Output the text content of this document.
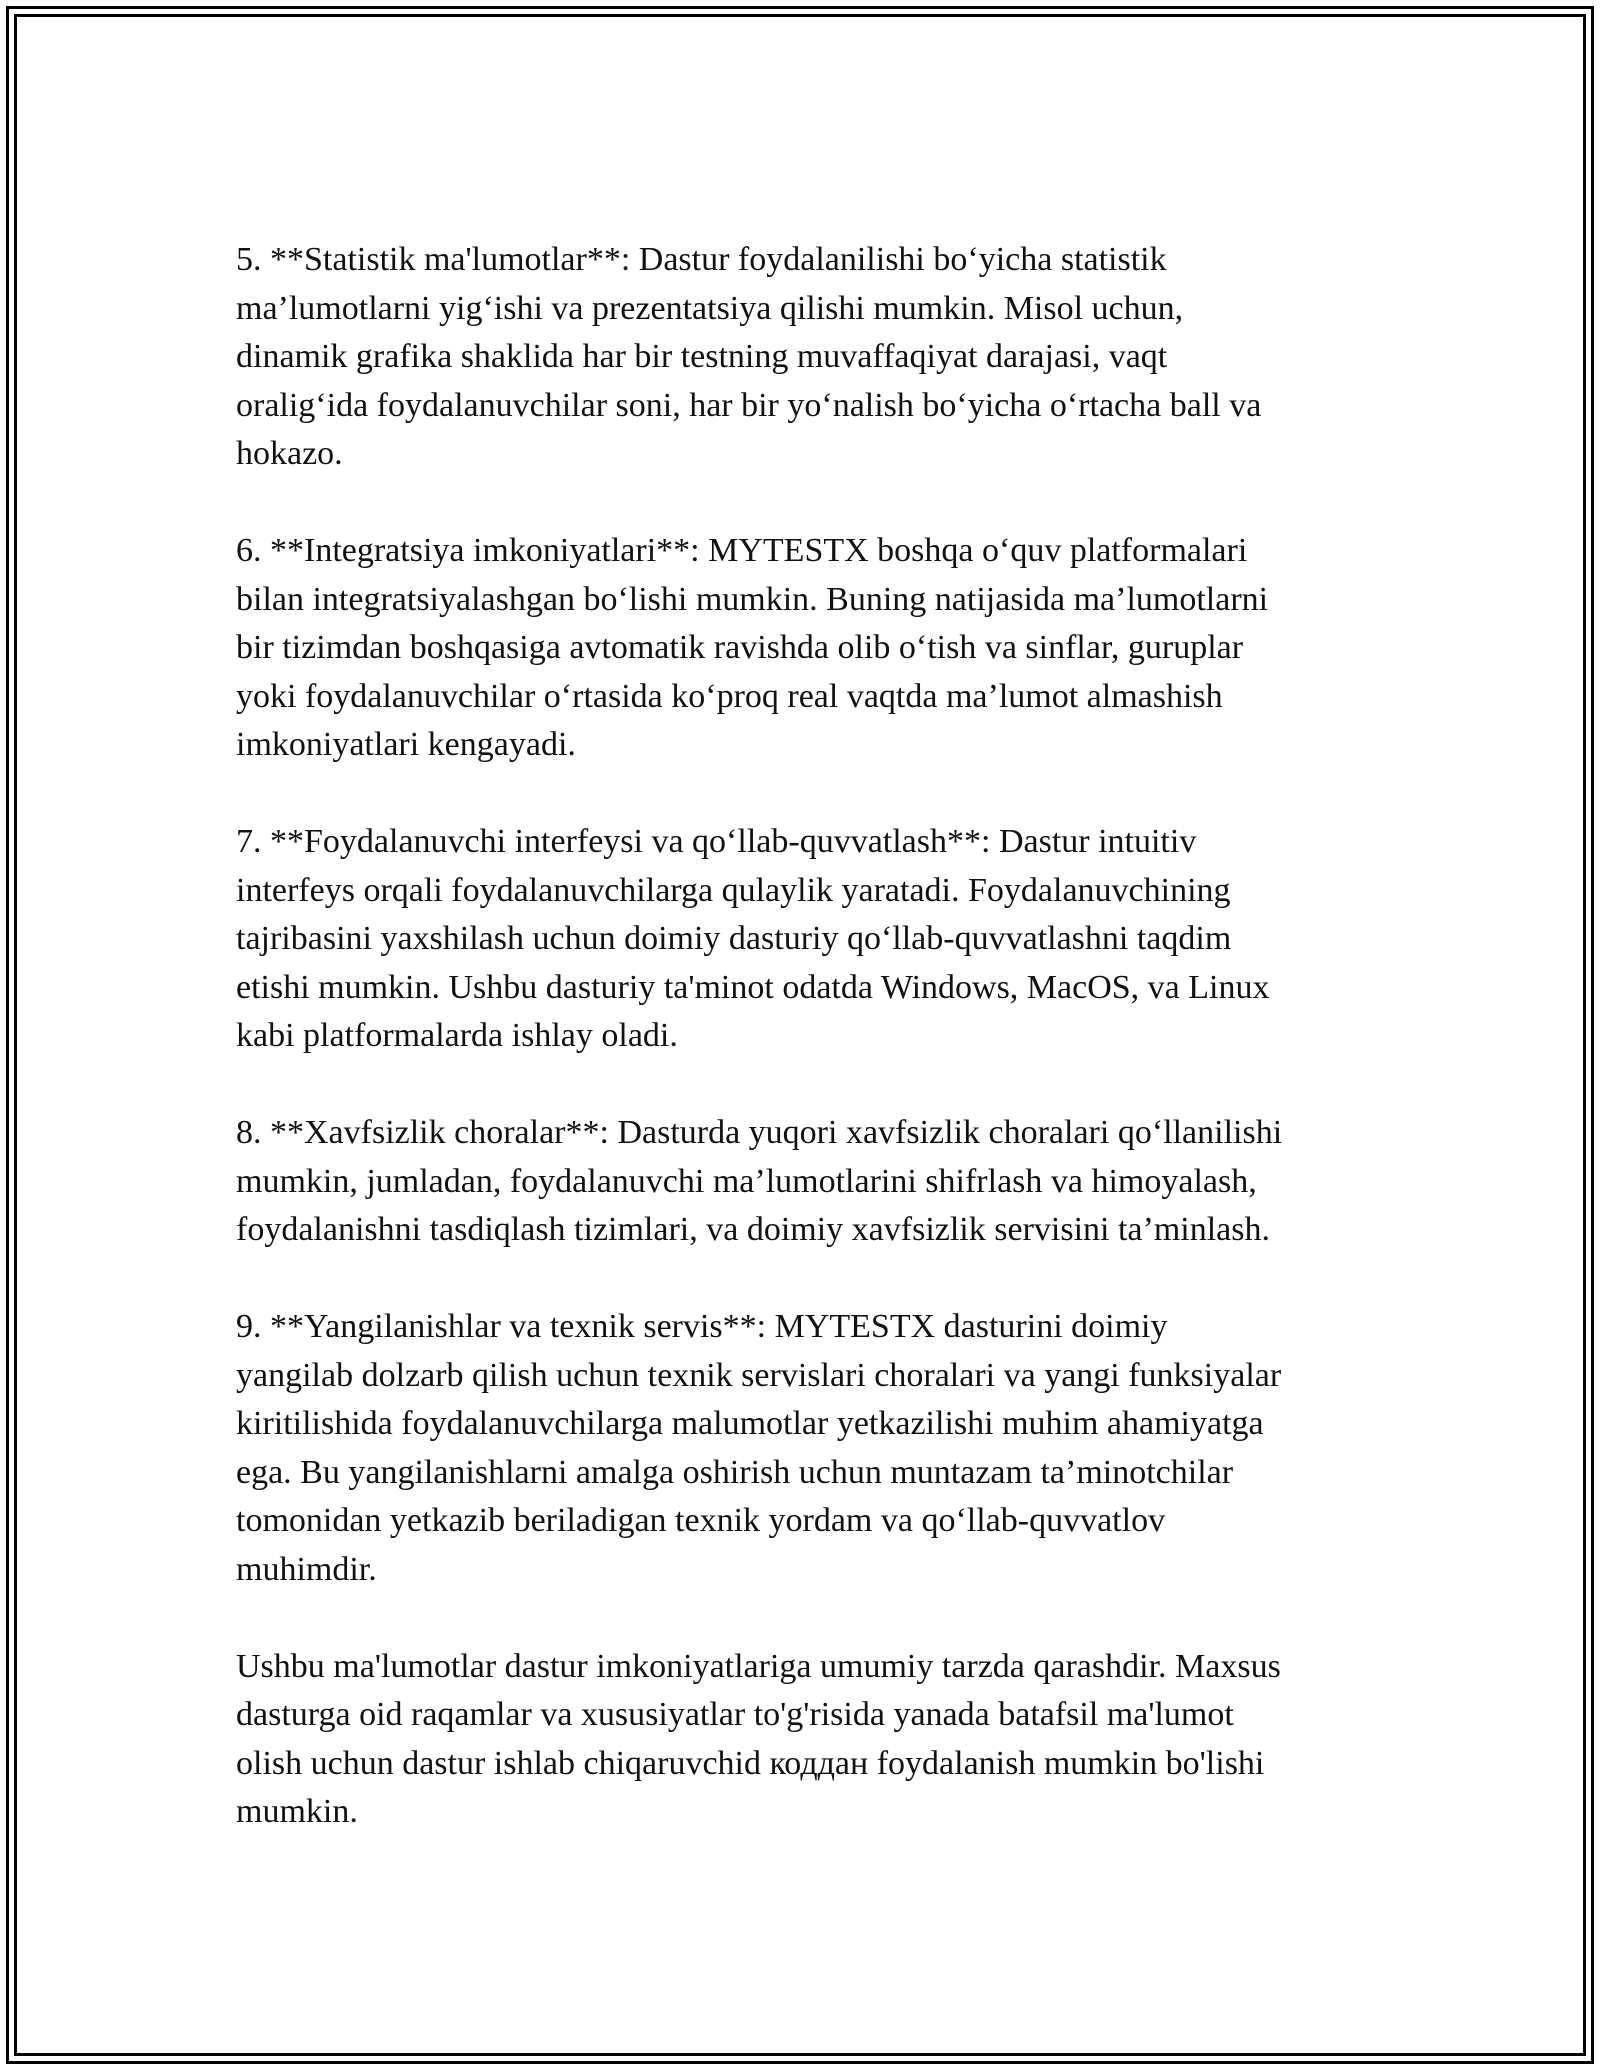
5. **Statistik ma'lumotlar**: Dastur foydalanilishi bo‘yicha statistik
ma’lumotlarni yig‘ishi va prezentatsiya qilishi mumkin. Misol uchun,
dinamik grafika shaklida har bir testning muvaffaqiyat darajasi, vaqt
oralig‘ida foydalanuvchilar soni, har bir yo‘nalish bo‘yicha o‘rtacha ball va
hokazo.

6. **Integratsiya imkoniyatlari**: MYTESTX boshqa o‘quv platformalari
bilan integratsiyalashgan bo‘lishi mumkin. Buning natijasida ma’lumotlarni
bir tizimdan boshqasiga avtomatik ravishda olib o‘tish va sinflar, guruplar
yoki foydalanuvchilar o‘rtasida ko‘proq real vaqtda ma’lumot almashish
imkoniyatlari kengayadi.

7. **Foydalanuvchi interfeysi va qo‘llab-quvvatlash**: Dastur intuitiv
interfeys orqali foydalanuvchilarga qulaylik yaratadi. Foydalanuvchining
tajribasini yaxshilash uchun doimiy dasturiy qo‘llab-quvvatlashni taqdim
etishi mumkin. Ushbu dasturiy ta'minot odatda Windows, MacOS, va Linux
kabi platformalarda ishlay oladi.

8. **Xavfsizlik choralar**: Dasturda yuqori xavfsizlik choralari qo‘llanilishi
mumkin, jumladan, foydalanuvchi ma’lumotlarini shifrlash va himoyalash,
foydalanishni tasdiqlash tizimlari, va doimiy xavfsizlik servisini ta’minlash.

9. **Yangilanishlar va texnik servis**: MYTESTX dasturini doimiy
yangilab dolzarb qilish uchun texnik servislari choralari va yangi funksiyalar
kiritilishida foydalanuvchilarga malumotlar yetkazilishi muhim ahamiyatga
ega. Bu yangilanishlarni amalga oshirish uchun muntazam ta’minotchilar
tomonidan yetkazib beriladigan texnik yordam va qo‘llab-quvvatlov
muhimdir.

Ushbu ma'lumotlar dastur imkoniyatlariga umumiy tarzda qarashdir. Maxsus
dasturga oid raqamlar va xususiyatlar to'g'risida yanada batafsil ma'lumot
olish uchun dastur ishlab chiqaruvchid коддан foydalanish mumkin bo'lishi
mumkin.
